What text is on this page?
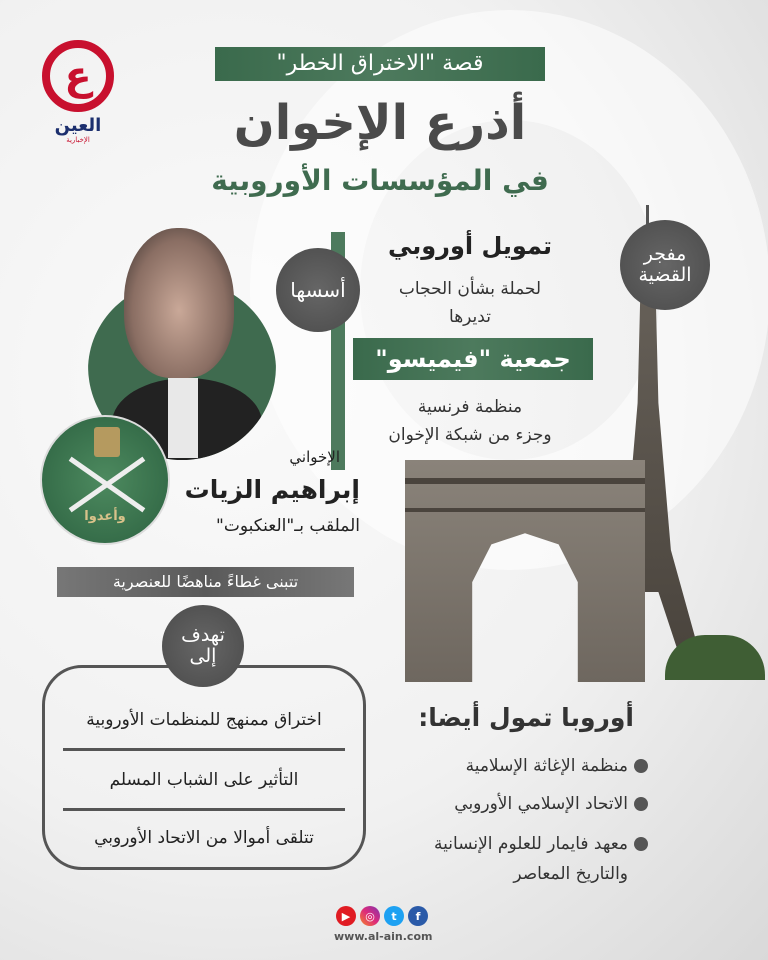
ع
العين
الإخبارية
قصة "الاختراق الخطر"
أذرع الإخوان
في المؤسسات الأوروبية
وأعدوا
أسسها
تمويل أوروبي
لحملة بشأن الحجاب
تديرها
جمعية "فيميسو"
منظمة فرنسية
وجزء من شبكة الإخوان
مفجر القضية
الإخواني
إبراهيم الزيات
الملقب بـ"العنكبوت"
تتبنى غطاءً مناهضًا للعنصرية
اختراق ممنهج للمنظمات الأوروبية
التأثير على الشباب المسلم
تتلقى أموالا من الاتحاد الأوروبي
تهدف إلى
أوروبا تمول أيضا:
منظمة الإغاثة الإسلامية
الاتحاد الإسلامي الأوروبي
معهد فايمار للعلوم الإنسانية
والتاريخ المعاصر
▶	◎	t	f
www.al-ain.com
